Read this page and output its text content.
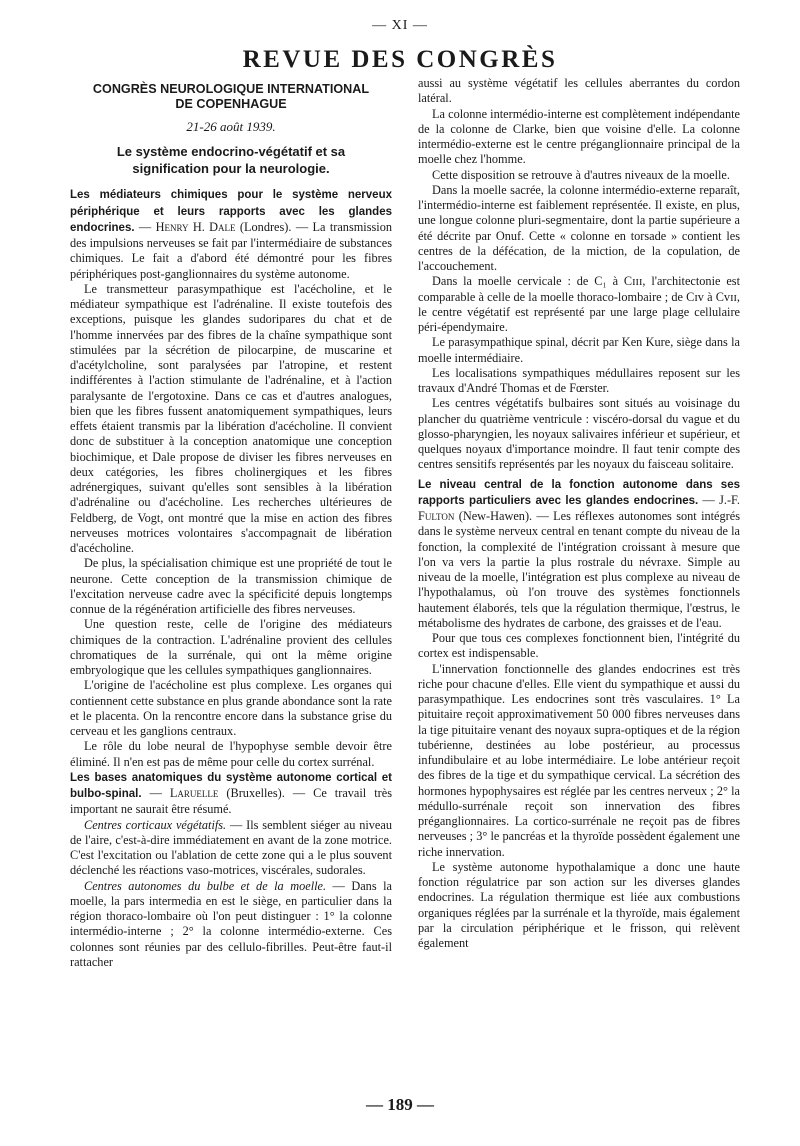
— XI —
REVUE DES CONGRÈS
CONGRÈS NEUROLOGIQUE INTERNATIONAL
DE COPENHAGUE
21-26 août 1939.
Le système endocrino-végétatif et sa
signification pour la neurologie.

Les médiateurs chimiques pour le système nerveux périphérique et leurs rapports avec les glandes endocrines. — Henry H. Dale (Londres). — La transmission des impulsions nerveuses se fait par l'intermédiaire de substances chimiques. Le fait a d'abord été démontré pour les fibres périphériques post-ganglionnaires du système autonome.

Le transmetteur parasympathique est l'acécholine, et le médiateur sympathique est l'adrénaline. Il existe toutefois des exceptions, puisque les glandes sudoripares du chat et de l'homme innervées par des fibres de la chaîne sympathique sont stimulées par la sécrétion de pilocarpine, de muscarine et d'acétylcholine, sont paralysées par l'atropine, et restent indifférentes à l'action stimulante de l'adrénaline, et à l'action paralysante de l'ergotoxine. Dans ce cas et d'autres analogues, bien que les fibres fussent anatomiquement sympathiques, leurs effets étaient transmis par la libération d'acécholine. Il convient donc de substituer à la conception anatomique une conception biochimique, et Dale propose de diviser les fibres nerveuses en deux catégories, les fibres cholinergiques et les fibres adrénergiques, suivant qu'elles sont sensibles à la libération d'adrénaline ou d'acécholine. Les recherches ultérieures de Feldberg, de Vogt, ont montré que la mise en action des fibres nerveuses motrices volontaires s'accompagnait de libération d'acécholine.

De plus, la spécialisation chimique est une propriété de tout le neurone. Cette conception de la transmission chimique de l'excitation nerveuse cadre avec la spécificité depuis longtemps connue de la régénération artificielle des fibres nerveuses.

Une question reste, celle de l'origine des médiateurs chimiques de la contraction. L'adrénaline provient des cellules chromatiques de la surrénale, qui ont la même origine embryologique que les cellules sympathiques ganglionnaires.

L'origine de l'acécholine est plus complexe. Les organes qui contiennent cette substance en plus grande abondance sont la rate et le placenta. On la rencontre encore dans la substance grise du cerveau et les ganglions centraux.

Le rôle du lobe neural de l'hypophyse semble devoir être éliminé. Il n'en est pas de même pour celle du cortex surrénal.

Les bases anatomiques du système autonome cortical et bulbo-spinal. — Laruelle (Bruxelles). — Ce travail très important ne saurait être résumé.

Centres corticaux végétatifs. — Ils semblent siéger au niveau de l'aire, c'est-à-dire immédiatement en avant de la zone motrice. C'est l'excitation ou l'ablation de cette zone qui a le plus souvent déclenché les réactions vaso-motrices, viscérales, sudorales.

Centres autonomes du bulbe et de la moelle. — Dans la moelle, la pars intermedia en est le siège, en particulier dans la région thoraco-lombaire où l'on peut distinguer : 1° la colonne intermédio-interne ; 2° la colonne intermédio-externe. Ces colonnes sont réunies par des cellulo-fibrilles. Peut-être faut-il rattacher

aussi au système végétatif les cellules aberrantes du cordon latéral.

La colonne intermédio-interne est complètement indépendante de la colonne de Clarke, bien que voisine d'elle. La colonne intermédio-externe est le centre préganglionnaire principal de la moelle chez l'homme.

Cette disposition se retrouve à d'autres niveaux de la moelle.

Dans la moelle sacrée, la colonne intermédio-externe reparaît, l'intermédio-interne est faiblement représentée. Il existe, en plus, une longue colonne pluri-segmentaire, dont la partie supérieure a été décrite par Onuf. Cette « colonne en torsade » contient les centres de la défécation, de la miction, de la copulation, de l'accouchement.

Dans la moelle cervicale : de C₁ à Cɪɪɪ, l'architectonie est comparable à celle de la moelle thoraco-lombaire ; de Cɪᴠ à Cᴠɪɪ, le centre végétatif est représenté par une large plage cellulaire péri-épendymaire.

Le parasympathique spinal, décrit par Ken Kure, siège dans la moelle intermédiaire.

Les localisations sympathiques médullaires reposent sur les travaux d'André Thomas et de Fœrster.

Les centres végétatifs bulbaires sont situés au voisinage du plancher du quatrième ventricule : viscéro-dorsal du vague et du glosso-pharyngien, les noyaux salivaires inférieur et supérieur, et quelques noyaux d'importance moindre. Il faut tenir compte des centres sensitifs représentés par les noyaux du faisceau solitaire.

Le niveau central de la fonction autonome dans ses rapports particuliers avec les glandes endocrines. — J.-F. Fulton (New-Hawen). — Les réflexes autonomes sont intégrés dans le système nerveux central en tenant compte du niveau de la fonction, la complexité de l'intégration croissant à mesure que l'on va vers la partie la plus rostrale du névraxe. Simple au niveau de la moelle, l'intégration est plus complexe au niveau de l'hypothalamus, où l'on trouve des systèmes fonctionnels hautement élaborés, tels que la régulation thermique, l'œstrus, le métabolisme des hydrates de carbone, des graisses et de l'eau.

Pour que tous ces complexes fonctionnent bien, l'intégrité du cortex est indispensable.

L'innervation fonctionnelle des glandes endocrines est très riche pour chacune d'elles. Elle vient du sympathique et aussi du parasympathique. Les endocrines sont très vasculaires. 1° La pituitaire reçoit approximativement 50 000 fibres nerveuses dans la tige pituitaire venant des noyaux supra-optiques et de la région tubérienne, destinées au lobe postérieur, au processus infundibulaire et au lobe intermédiaire. Le lobe antérieur reçoit des fibres de la tige et du sympathique cervical. La sécrétion des hormones hypophysaires est réglée par les centres nerveux ; 2° la médullo-surrénale reçoit son innervation des fibres préganglionnaires. La cortico-surrénale ne reçoit pas de fibres nerveuses ; 3° le pancréas et la thyroïde possèdent également une riche innervation.

Le système autonome hypothalamique a donc une haute fonction régulatrice par son action sur les diverses glandes endocrines. La régulation thermique est liée aux combustions organiques réglées par la surrénale et la thyroïde, mais également par la circulation périphérique et le frisson, qui relèvent également

— 189 —
